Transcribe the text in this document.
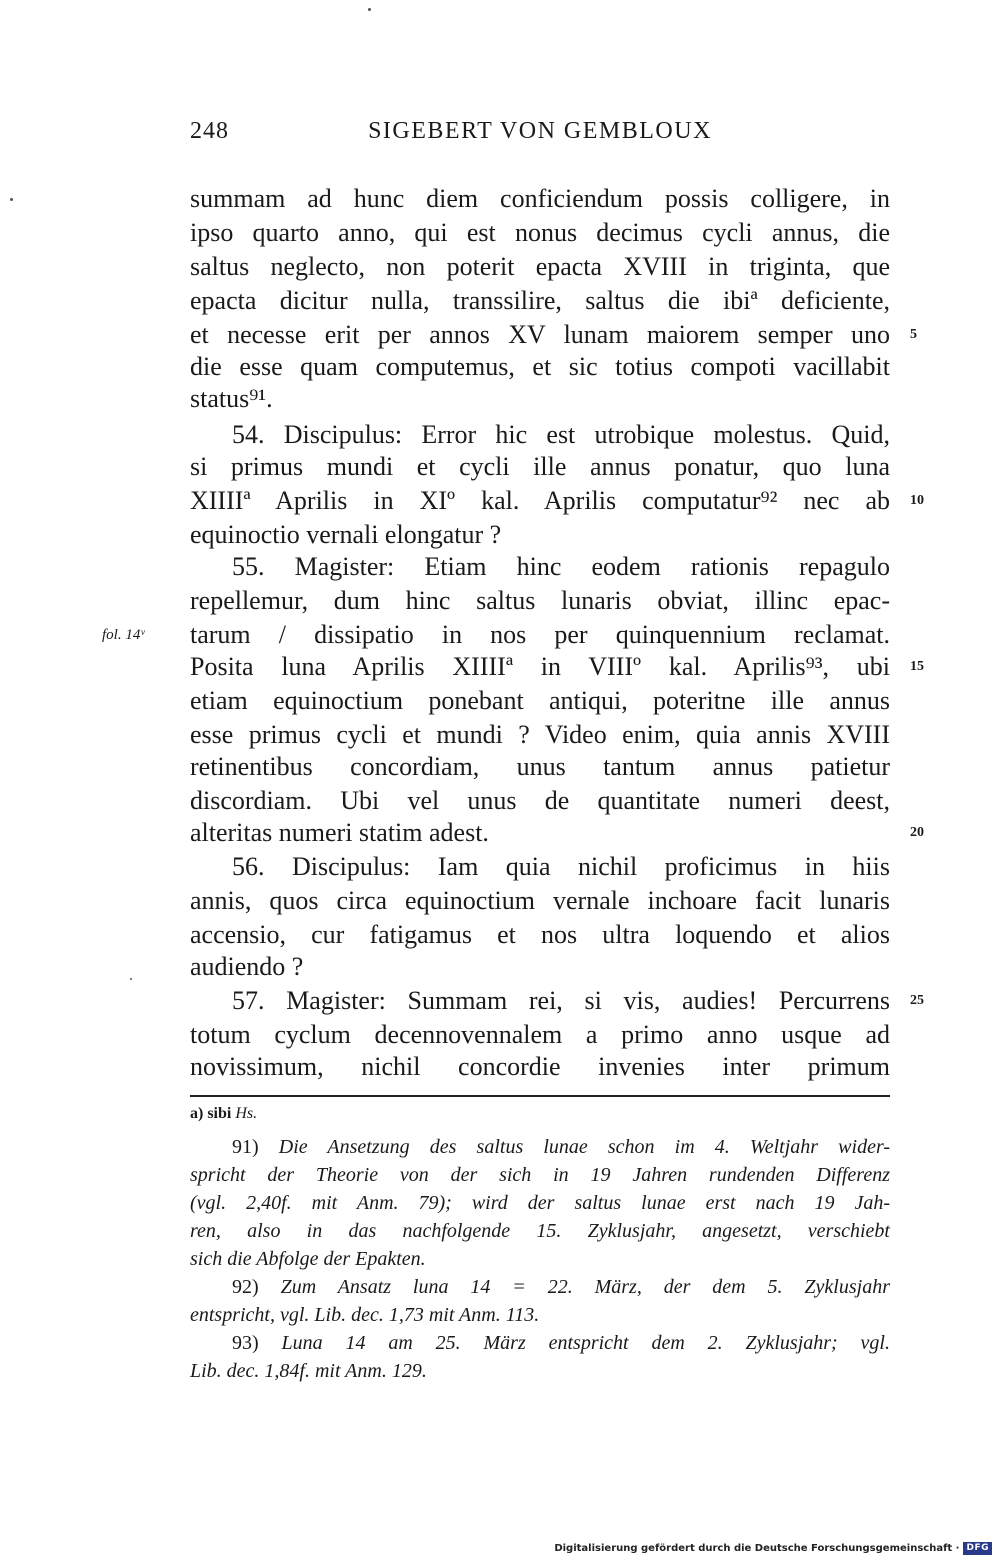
248	SIGEBERT VON GEMBLOUX
summam ad hunc diem conficiendum possis colligere, in
ipso quarto anno, qui est nonus decimus cycli annus, die
saltus neglecto, non poterit epacta XVIII in triginta, que
epacta dicitur nulla, transsilire, saltus die ibiª deficiente,
et necesse erit per annos XV lunam maiorem semper uno
die esse quam computemus, et sic totius compoti vacillabit
status⁹¹.
54. Discipulus: Error hic est utrobique molestus. Quid,
si primus mundi et cycli ille annus ponatur, quo luna
XIIIIª Aprilis in XIº kal. Aprilis computatur⁹² nec ab
equinoctio vernali elongatur ?
55. Magister: Etiam hinc eodem rationis repagulo
repellemur, dum hinc saltus lunaris obviat, illinc epac-
tarum / dissipatio in nos per quinquennium reclamat.
Posita luna Aprilis XIIIIª in VIIIº kal. Aprilis⁹³, ubi
etiam equinoctium ponebant antiqui, poteritne ille annus
esse primus cycli et mundi ? Video enim, quia annis XVIII
retinentibus concordiam, unus tantum annus patietur
discordiam. Ubi vel unus de quantitate numeri deest,
alteritas numeri statim adest.
56. Discipulus: Iam quia nichil proficimus in hiis
annis, quos circa equinoctium vernale inchoare facit lunaris
accensio, cur fatigamus et nos ultra loquendo et alios
audiendo ?
57. Magister: Summam rei, si vis, audies! Percurrens
totum cyclum decennovennalem a primo anno usque ad
novissimum, nichil concordie invenies inter primum
5
10
15
20
25
fol. 14ᵛ
a) sibi Hs.
91) Die Ansetzung des saltus lunae schon im 4. Weltjahr wider-
spricht der Theorie von der sich in 19 Jahren rundenden Differenz
(vgl. 2,40f. mit Anm. 79); wird der saltus lunae erst nach 19 Jah-
ren, also in das nachfolgende 15. Zyklusjahr, angesetzt, verschiebt
sich die Abfolge der Epakten.
92) Zum Ansatz luna 14 = 22. März, der dem 5. Zyklusjahr
entspricht, vgl. Lib. dec. 1,73 mit Anm. 113.
93) Luna 14 am 25. März entspricht dem 2. Zyklusjahr; vgl.
Lib. dec. 1,84f. mit Anm. 129.
Digitalisierung gefördert durch die Deutsche Forschungsgemeinschaft · DFG
